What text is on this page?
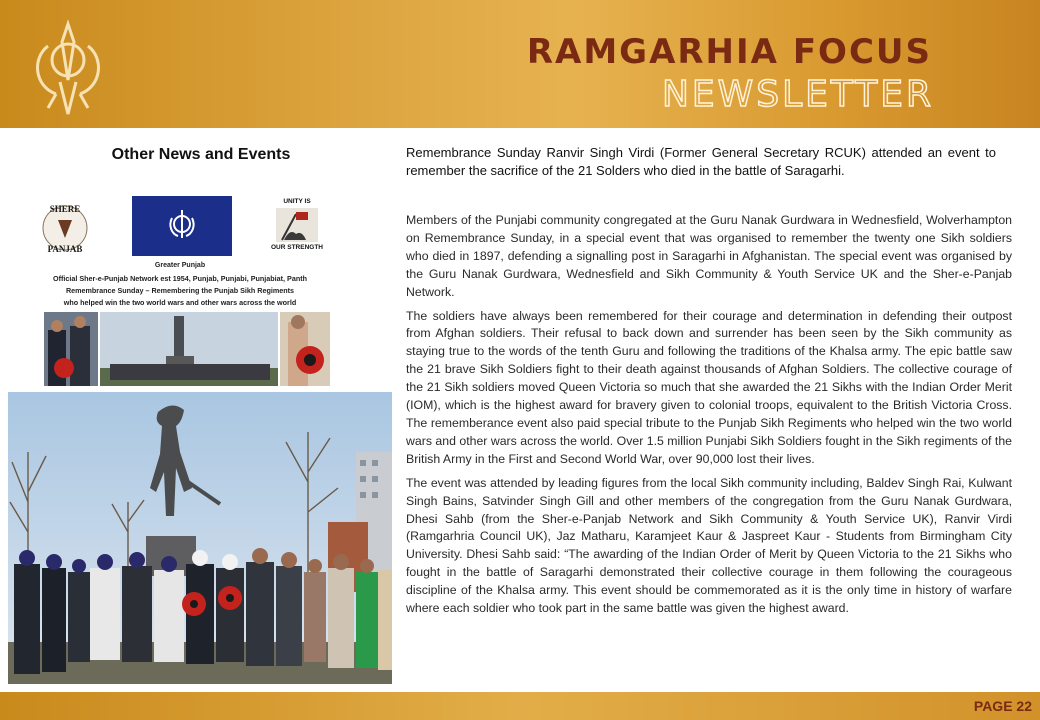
RAMGARHIA FOCUS
NEWSLETTER
Other News and Events
SHERE
PANJAB
UNITY IS
OUR STRENGTH
Greater Punjab
Official Sher-e-Punjab Network est 1954, Punjab, Punjabi, Punjabiat, Panth
Remembrance Sunday – Remembering the Punjab Sikh Regiments
who helped win the two world wars and other wars across the world
Remembrance Sunday Ranvir Singh Virdi (Former General Secretary RCUK) attended an event to remember the sacrifice of the 21 Solders who died in the battle of Saragarhi.

Members of the Punjabi community congregated at the Guru Nanak Gurdwara in Wednesfield, Wolverhampton on Remembrance Sunday, in a special event that was organised to remember the twenty one Sikh soldiers who died in 1897, defending a signalling post in Saragarhi in Afghanistan. The special event was organised by the Guru Nanak Gurdwara, Wednesfield and Sikh Community & Youth Service UK and the Sher-e-Panjab Network.

The soldiers have always been remembered for their courage and determination in defending their outpost from Afghan soldiers. Their refusal to back down and surrender has been seen by the Sikh community as staying true to the words of the tenth Guru and following the traditions of the Khalsa army. The epic battle saw the 21 brave Sikh Soldiers fight to their death against thousands of Afghan Soldiers. The collective courage of the 21 Sikh soldiers moved Queen Victoria so much that she awarded the 21 Sikhs with the Indian Order Merit (IOM), which is the highest award for bravery given to colonial troops, equivalent to the British Victoria Cross. The rememberance event also paid special tribute to the Punjab Sikh Regiments who helped win the two world wars and other wars across the world. Over 1.5 million Punjabi Sikh Soldiers fought in the Sikh regiments of the British Army in the First and Second World War, over 90,000 lost their lives.

The event was attended by leading figures from the local Sikh community including, Baldev Singh Rai, Kulwant Singh Bains, Satvinder Singh Gill and other members of the congregation from the Guru Nanak Gurdwara, Dhesi Sahb (from the Sher-e-Panjab Network and Sikh Community & Youth Service UK), Ranvir Virdi (Ramgarhria Council UK), Jaz Matharu, Karamjeet Kaur & Jaspreet Kaur - Students from Birmingham City University. Dhesi Sahb said: “The awarding of the Indian Order of Merit by Queen Victoria to the 21 Sikhs who fought in the battle of Saragarhi demonstrated their collective courage in them following the courageous discipline of the Khalsa army. This event should be commemorated as it is the only time in history of warfare where each soldier who took part in the same battle was given the highest award.

PAGE 22
